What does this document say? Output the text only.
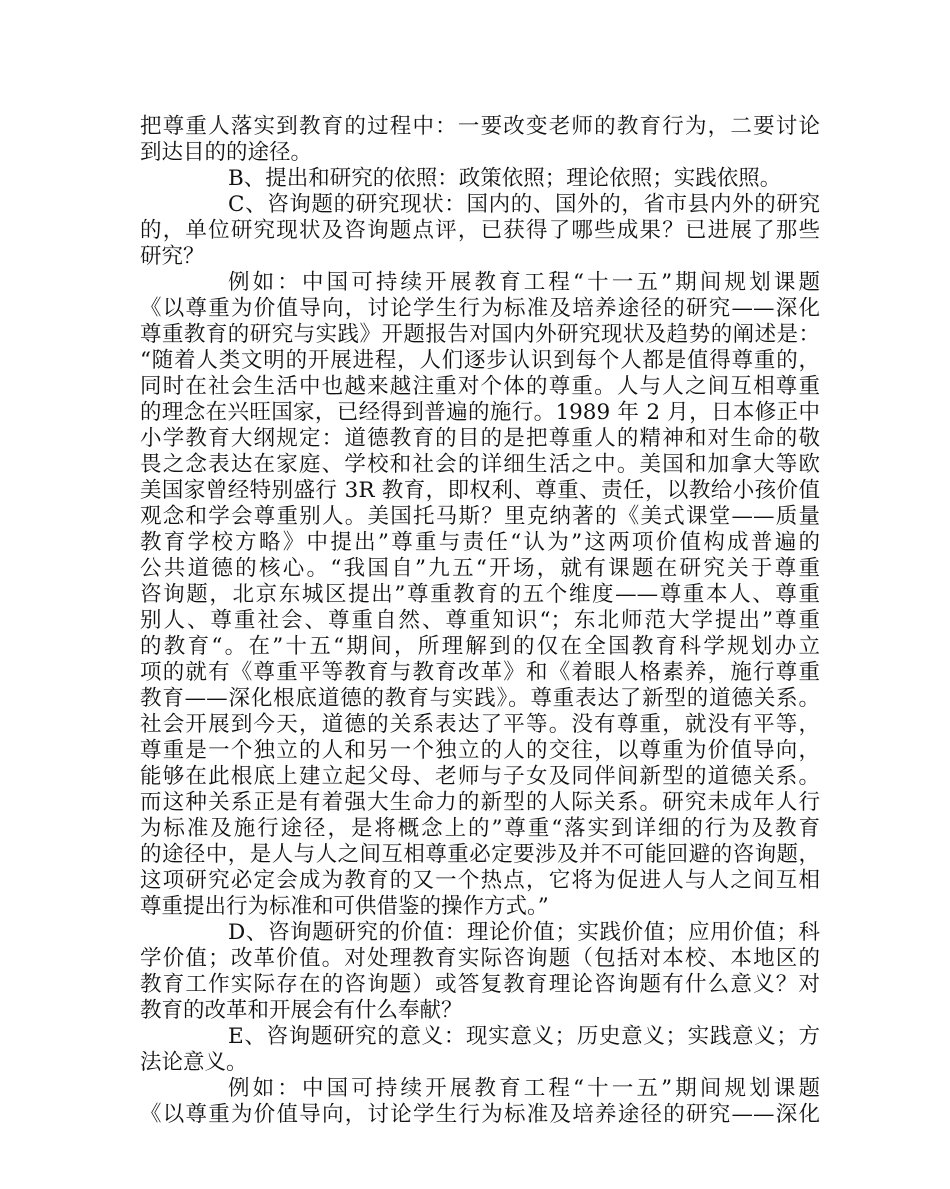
把尊重人落实到教育的过程中：一要改变老师的教育行为，二要讨论
到达目的的途径。
B、提出和研究的依照：政策依照；理论依照；实践依照。
C、咨询题的研究现状：国内的、国外的，省市县内外的研究
的，单位研究现状及咨询题点评，已获得了哪些成果？已进展了那些
研究？
例如：中国可持续开展教育工程“十一五”期间规划课题
《以尊重为价值导向，讨论学生行为标准及培养途径的研究——深化
尊重教育的研究与实践》开题报告对国内外研究现状及趋势的阐述是：
“随着人类文明的开展进程，人们逐步认识到每个人都是值得尊重的，
同时在社会生活中也越来越注重对个体的尊重。人与人之间互相尊重
的理念在兴旺国家，已经得到普遍的施行。1989 年 2 月，日本修正中
小学教育大纲规定：道德教育的目的是把尊重人的精神和对生命的敬
畏之念表达在家庭、学校和社会的详细生活之中。美国和加拿大等欧
美国家曾经特别盛行 3R 教育，即权利、尊重、责任，以教给小孩价值
观念和学会尊重别人。美国托马斯？里克纳著的《美式课堂——质量
教育学校方略》中提出”尊重与责任“认为”这两项价值构成普遍的
公共道德的核心。“我国自”九五“开场，就有课题在研究关于尊重
咨询题，北京东城区提出”尊重教育的五个维度——尊重本人、尊重
别人、尊重社会、尊重自然、尊重知识“；东北师范大学提出”尊重
的教育“。在”十五“期间，所理解到的仅在全国教育科学规划办立
项的就有《尊重平等教育与教育改革》和《着眼人格素养，施行尊重
教育——深化根底道德的教育与实践》。尊重表达了新型的道德关系。
社会开展到今天，道德的关系表达了平等。没有尊重，就没有平等，
尊重是一个独立的人和另一个独立的人的交往，以尊重为价值导向，
能够在此根底上建立起父母、老师与子女及同伴间新型的道德关系。
而这种关系正是有着强大生命力的新型的人际关系。研究未成年人行
为标准及施行途径，是将概念上的”尊重“落实到详细的行为及教育
的途径中，是人与人之间互相尊重必定要涉及并不可能回避的咨询题，
这项研究必定会成为教育的又一个热点，它将为促进人与人之间互相
尊重提出行为标准和可供借鉴的操作方式。”
D、咨询题研究的价值：理论价值；实践价值；应用价值；科
学价值；改革价值。对处理教育实际咨询题（包括对本校、本地区的
教育工作实际存在的咨询题）或答复教育理论咨询题有什么意义？对
教育的改革和开展会有什么奉献？
E、咨询题研究的意义：现实意义；历史意义；实践意义；方
法论意义。
例如：中国可持续开展教育工程“十一五”期间规划课题
《以尊重为价值导向，讨论学生行为标准及培养途径的研究——深化
